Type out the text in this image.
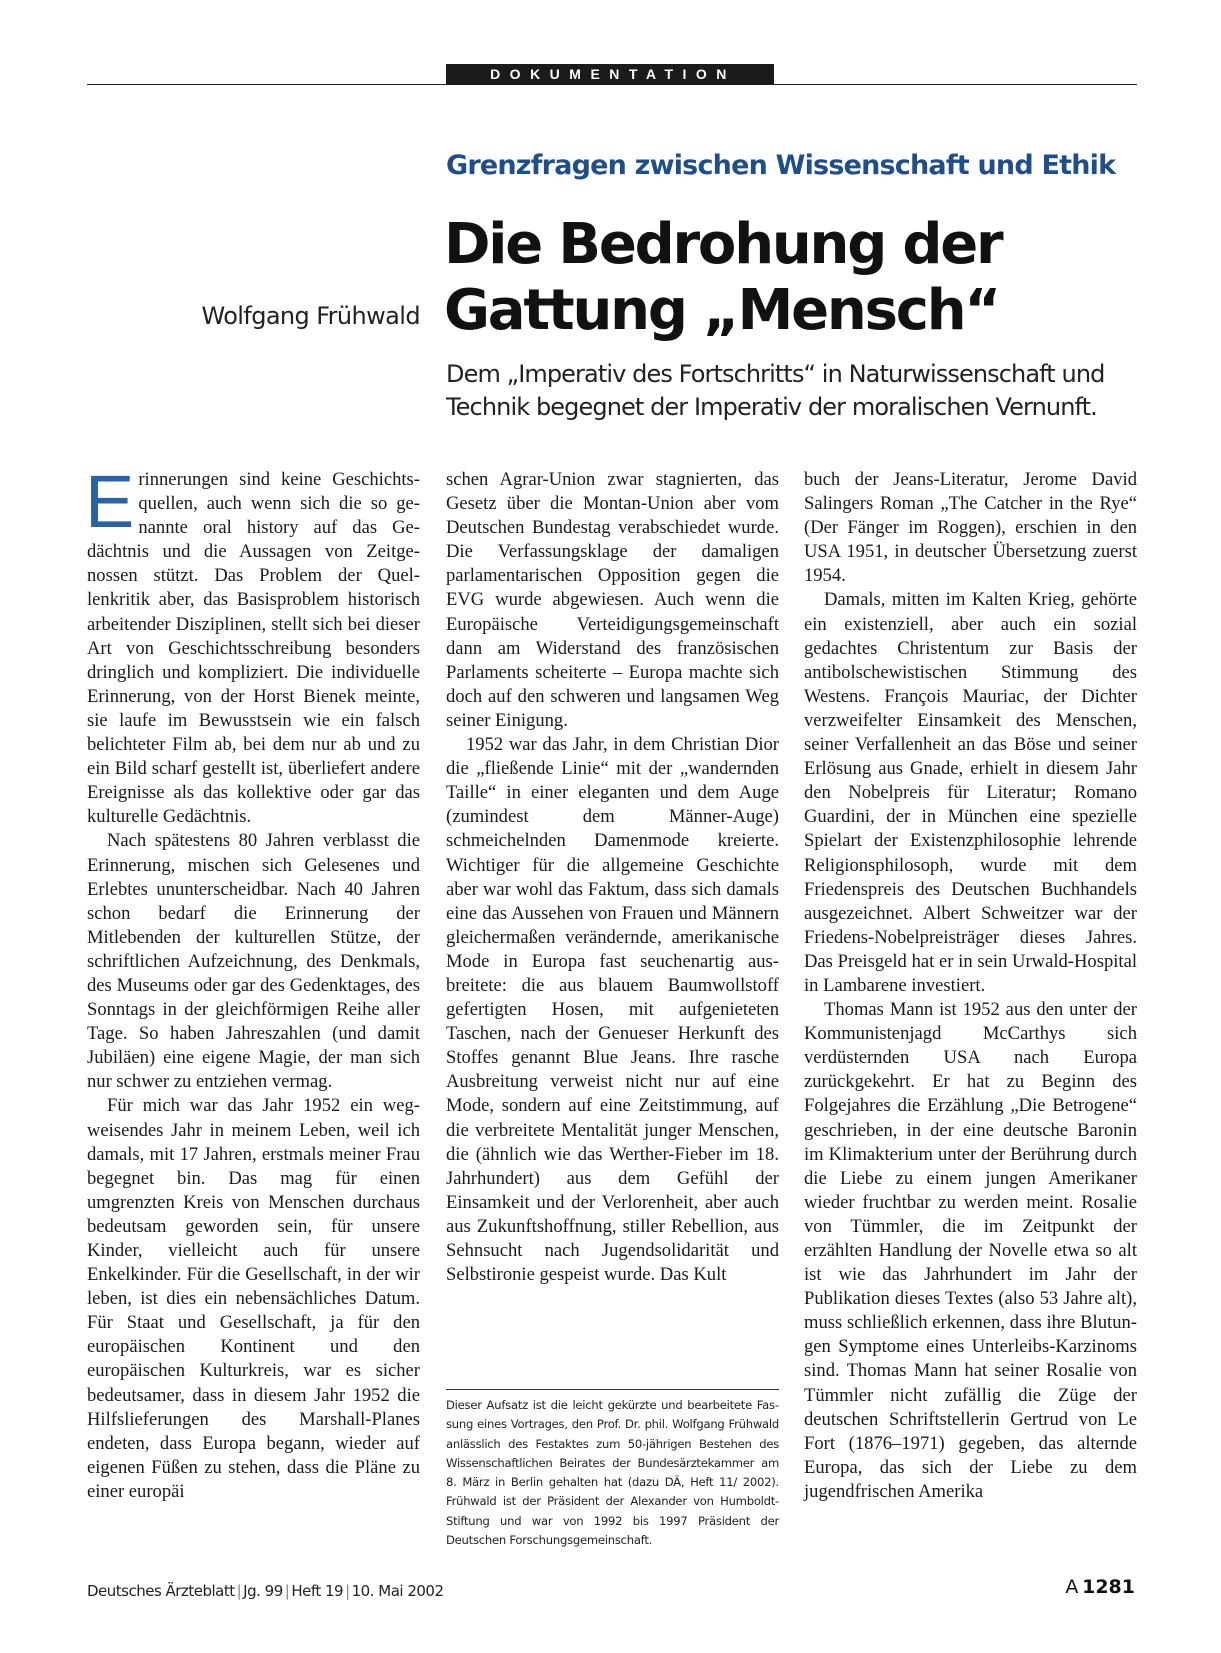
DOKUMENTATION
Grenzfragen zwischen Wissenschaft und Ethik
Die Bedrohung der
Gattung „Mensch“
Wolfgang Frühwald
Dem „Imperativ des Fortschritts“ in Naturwissenschaft und
Technik begegnet der Imperativ der moralischen Vernunft.

Erinnerungen sind keine Geschichtsquellen, auch wenn sich die so genannte oral history auf das Gedächtnis und die Aussagen von Zeitgenossen stützt. Das Problem der Quellenkritik aber, das Basisproblem historisch arbeitender Disziplinen, stellt sich bei dieser Art von Geschichtsschreibung besonders dringlich und kompliziert. Die individuelle Erinnerung, von der Horst Bienek meinte, sie laufe im Bewusstsein wie ein falsch belichteter Film ab, bei dem nur ab und zu ein Bild scharf gestellt ist, überliefert andere Ereignisse als das kollektive oder gar das kulturelle Gedächtnis.

Nach spätestens 80 Jahren verblasst die Erinnerung, mischen sich Gelesenes und Erlebtes ununterscheidbar. Nach 40 Jahren schon bedarf die Erinnerung der Mitlebenden der kulturellen Stütze, der schriftlichen Aufzeichnung, des Denkmals, des Museums oder gar des Gedenktages, des Sonntags in der gleichförmigen Reihe aller Tage. So haben Jahreszahlen (und damit Jubiläen) eine eigene Magie, der man sich nur schwer zu entziehen vermag.

Für mich war das Jahr 1952 ein wegweisendes Jahr in meinem Leben, weil ich damals, mit 17 Jahren, erstmals meiner Frau begegnet bin. Das mag für einen umgrenzten Kreis von Menschen durchaus bedeutsam geworden sein, für unsere Kinder, vielleicht auch für unsere Enkelkinder. Für die Gesellschaft, in der wir leben, ist dies ein nebensächliches Datum. Für Staat und Gesellschaft, ja für den europäischen Kontinent und den europäischen Kulturkreis, war es sicher bedeutsamer, dass in diesem Jahr 1952 die Hilfslieferungen des Marshall-Planes endeten, dass Europa begann, wieder auf eigenen Füßen zu stehen, dass die Pläne zu einer europäi

schen Agrar-Union zwar stagnierten, das Gesetz über die Montan-Union aber vom Deutschen Bundestag verabschiedet wurde. Die Verfassungsklage der damaligen parlamentarischen Opposition gegen die EVG wurde abgewiesen. Auch wenn die Europäische Verteidigungsgemeinschaft dann am Widerstand des französischen Parlaments scheiterte – Europa machte sich doch auf den schweren und langsamen Weg seiner Einigung.

1952 war das Jahr, in dem Christian Dior die „fließende Linie“ mit der „wandernden Taille“ in einer eleganten und dem Auge (zumindest dem Männer-Auge) schmeichelnden Damenmode kreierte. Wichtiger für die allgemeine Geschichte aber war wohl das Faktum, dass sich damals eine das Aussehen von Frauen und Männern gleichermaßen verändernde, amerikanische Mode in Europa fast seuchenartig ausbreitete: die aus blauem Baumwollstoff gefertigten Hosen, mit aufgenieteten Taschen, nach der Genueser Herkunft des Stoffes genannt Blue Jeans. Ihre rasche Ausbreitung verweist nicht nur auf eine Mode, sondern auf eine Zeitstimmung, auf die verbreitete Mentalität junger Menschen, die (ähnlich wie das Werther-Fieber im 18. Jahrhundert) aus dem Gefühl der Einsamkeit und der Verlorenheit, aber auch aus Zukunftshoffnung, stiller Rebellion, aus Sehnsucht nach Jugendsolidarität und Selbstironie gespeist wurde. Das Kult

buch der Jeans-Literatur, Jerome David Salingers Roman „The Catcher in the Rye“ (Der Fänger im Roggen), erschien in den USA 1951, in deutscher Übersetzung zuerst 1954.

Damals, mitten im Kalten Krieg, gehörte ein existenziell, aber auch ein sozial gedachtes Christentum zur Basis der antibolschewistischen Stimmung des Westens. François Mauriac, der Dichter verzweifelter Einsamkeit des Menschen, seiner Verfallenheit an das Böse und seiner Erlösung aus Gnade, erhielt in diesem Jahr den Nobelpreis für Literatur; Romano Guardini, der in München eine spezielle Spielart der Existenzphilosophie lehrende Religionsphilosoph, wurde mit dem Friedenspreis des Deutschen Buchhandels ausgezeichnet. Albert Schweitzer war der Friedens-Nobelpreisträger dieses Jahres. Das Preisgeld hat er in sein Urwald-Hospital in Lambarene investiert.

Thomas Mann ist 1952 aus den unter der Kommunistenjagd McCarthys sich verdüsternden USA nach Europa zurückgekehrt. Er hat zu Beginn des Folgejahres die Erzählung „Die Betrogene“ geschrieben, in der eine deutsche Baronin im Klimakterium unter der Berührung durch die Liebe zu einem jungen Amerikaner wieder fruchtbar zu werden meint. Rosalie von Tümmler, die im Zeitpunkt der erzählten Handlung der Novelle etwa so alt ist wie das Jahrhundert im Jahr der Publikation dieses Textes (also 53 Jahre alt), muss schließlich erkennen, dass ihre Blutungen Symptome eines Unterleibs-Karzinoms sind. Thomas Mann hat seiner Rosalie von Tümmler nicht zufällig die Züge der deutschen Schriftstellerin Gertrud von Le Fort (1876–1971) gegeben, das alternde Europa, das sich der Liebe zu dem jugendfrischen Amerika

Dieser Aufsatz ist die leicht gekürzte und bearbeitete Fassung eines Vortrages, den Prof. Dr. phil. Wolfgang Frühwald anlässlich des Festaktes zum 50-jährigen Bestehen des Wissenschaftlichen Beirates der Bundesärztekammer am 8. März in Berlin gehalten hat (dazu DÄ, Heft 11/ 2002). Frühwald ist der Präsident der Alexander von Humboldt-Stiftung und war von 1992 bis 1997 Präsident der Deutschen Forschungsgemeinschaft.
Deutsches Ärzteblatt | Jg. 99 | Heft 19 | 10. Mai 2002	A  1281
